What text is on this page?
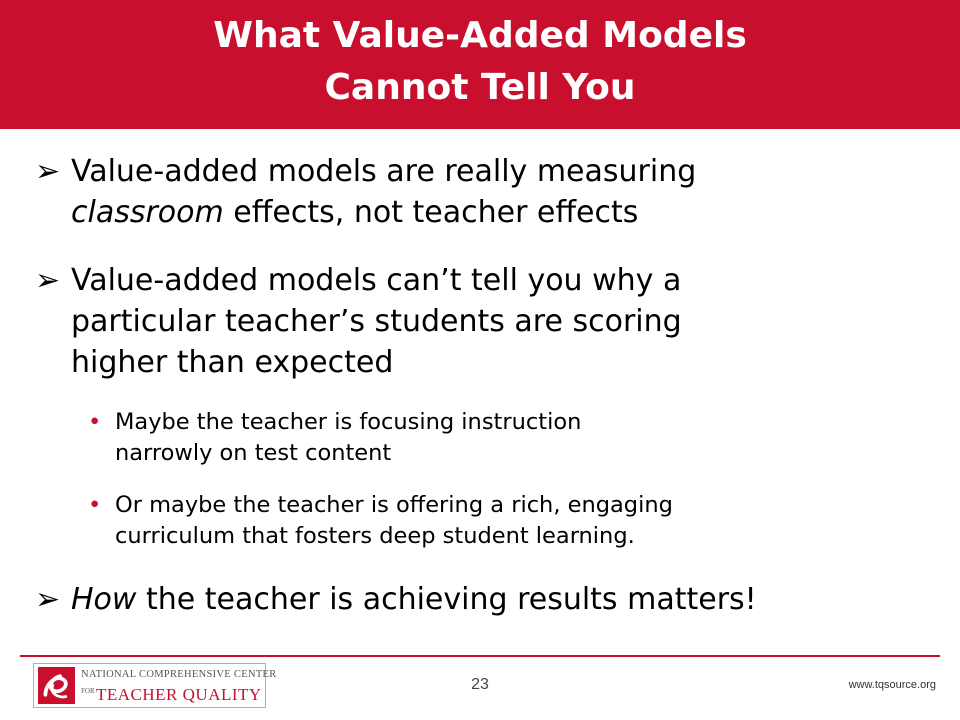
What Value-Added Models
Cannot Tell You
➢ Value-added models are really measuring
classroom effects, not teacher effects
➢ Value-added models can’t tell you why a
particular teacher’s students are scoring
higher than expected
• Maybe the teacher is focusing instruction
narrowly on test content
• Or maybe the teacher is offering a rich, engaging
curriculum that fosters deep student learning.
➢ How the teacher is achieving results matters!
NATIONAL COMPREHENSIVE CENTER
FOR TEACHER QUALITY
23	www.tqsource.org
